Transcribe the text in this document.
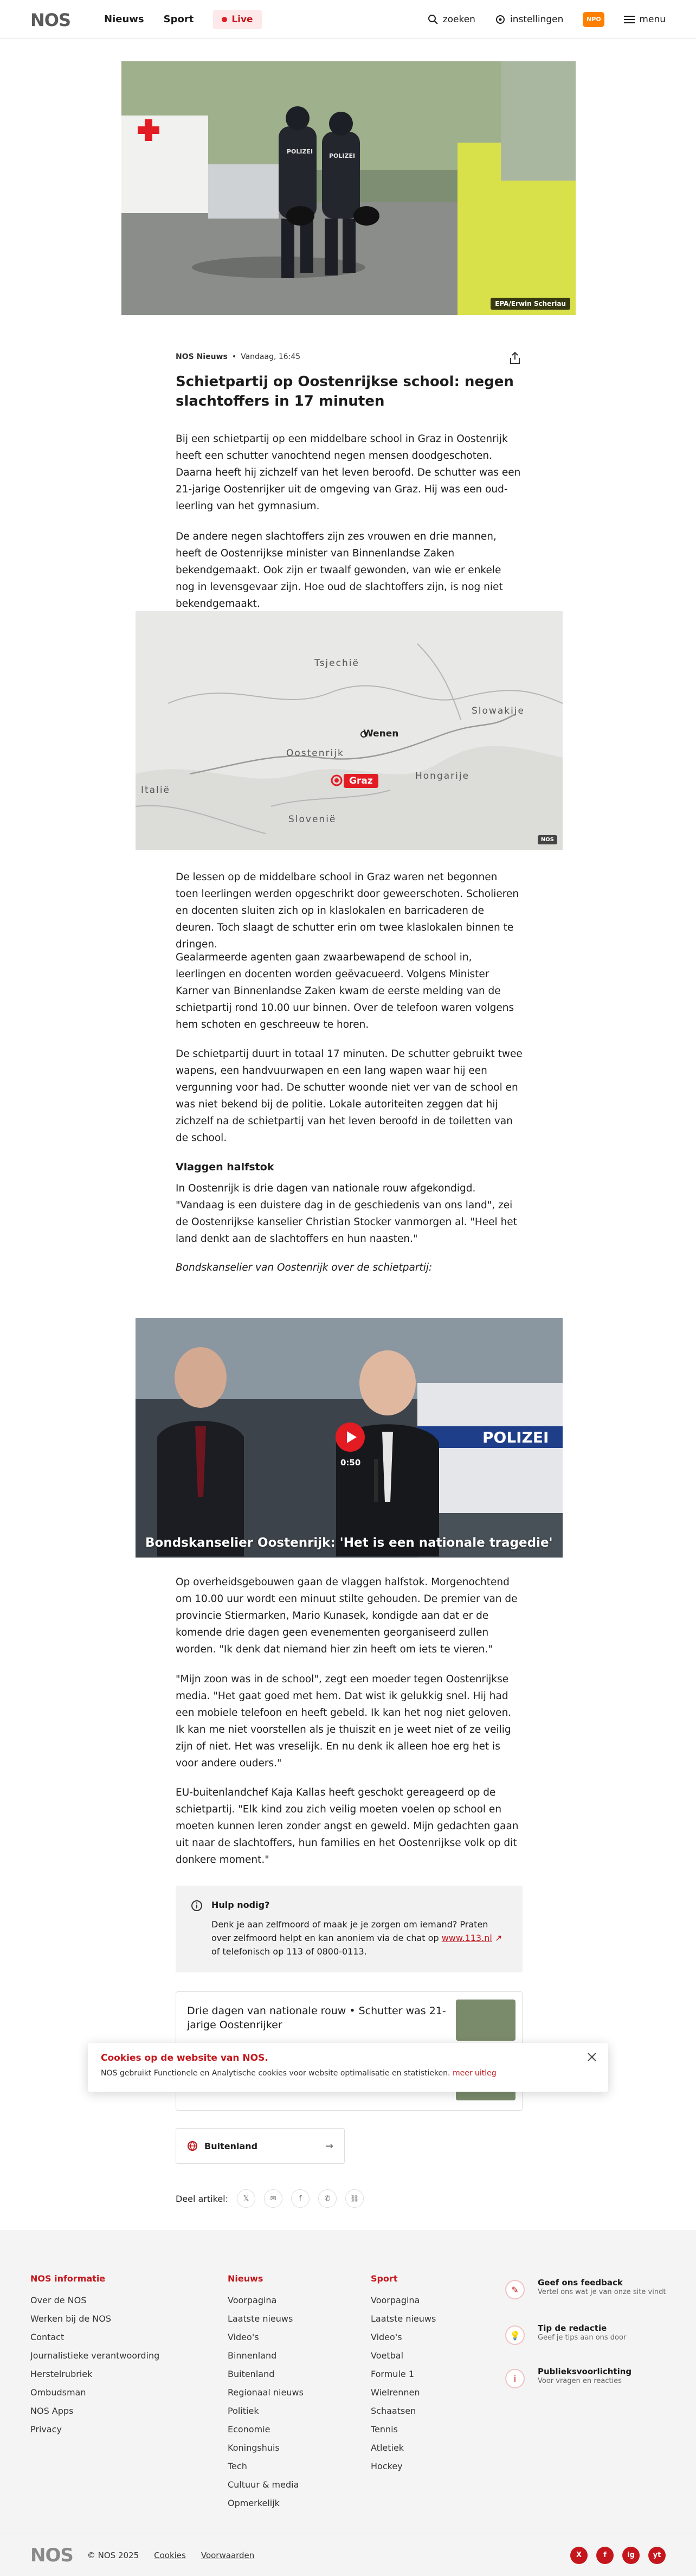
NOS	Nieuws Sport	Live	zoeken	instellingen	NPO	menu
POLIZEI
POLIZEI
EPA/Erwin Scheriau
NOS Nieuws • Vandaag, 16:45
Schietpartij op Oostenrijkse school: negen slachtoffers in 17 minuten

Bij een schietpartij op een middelbare school in Graz in Oostenrijk heeft een schutter vanochtend negen mensen doodgeschoten. Daarna heeft hij zichzelf van het leven beroofd. De schutter was een 21-jarige Oostenrijker uit de omgeving van Graz. Hij was een oud-leerling van het gymnasium.

De andere negen slachtoffers zijn zes vrouwen en drie mannen, heeft de Oostenrijkse minister van Binnenlandse Zaken bekendgemaakt. Ook zijn er twaalf gewonden, van wie er enkele nog in levensgevaar zijn. Hoe oud de slachtoffers zijn, is nog niet bekendgemaakt.

Tsjechië
Wenen
Slowakije
Oostenrijk
Hongarije
Graz
Slovenië
Italië
NOS

De lessen op de middelbare school in Graz waren net begonnen toen leerlingen werden opgeschrikt door geweerschoten. Scholieren en docenten sluiten zich op in klaslokalen en barricaderen de deuren. Toch slaagt de schutter erin om twee klaslokalen binnen te dringen.

Gealarmeerde agenten gaan zwaarbewapend de school in, leerlingen en docenten worden geëvacueerd. Volgens Minister Karner van Binnenlandse Zaken kwam de eerste melding van de schietpartij rond 10.00 uur binnen. Over de telefoon waren volgens hem schoten en geschreeuw te horen.

De schietpartij duurt in totaal 17 minuten. De schutter gebruikt twee wapens, een handvuurwapen en een lang wapen waar hij een vergunning voor had. De schutter woonde niet ver van de school en was niet bekend bij de politie. Lokale autoriteiten zeggen dat hij zichzelf na de schietpartij van het leven beroofd in de toiletten van de school.

Vlaggen halfstok

In Oostenrijk is drie dagen van nationale rouw afgekondigd. "Vandaag is een duistere dag in de geschiedenis van ons land", zei de Oostenrijkse kanselier Christian Stocker vanmorgen al. "Heel het land denkt aan de slachtoffers en hun naasten."

Bondskanselier van Oostenrijk over de schietpartij:

POLIZEI
0:50
Bondskanselier Oostenrijk: 'Het is een nationale tragedie'

Op overheidsgebouwen gaan de vlaggen halfstok. Morgenochtend om 10.00 uur wordt een minuut stilte gehouden. De premier van de provincie Stiermarken, Mario Kunasek, kondigde aan dat er de komende drie dagen geen evenementen georganiseerd zullen worden. "Ik denk dat niemand hier zin heeft om iets te vieren."

"Mijn zoon was in de school", zegt een moeder tegen Oostenrijkse media. "Het gaat goed met hem. Dat wist ik gelukkig snel. Hij had een mobiele telefoon en heeft gebeld. Ik kan het nog niet geloven. Ik kan me niet voorstellen als je thuiszit en je weet niet of ze veilig zijn of niet. Het was vreselijk. En nu denk ik alleen hoe erg het is voor andere ouders."

EU-buitenlandchef Kaja Kallas heeft geschokt gereageerd op de schietpartij. "Elk kind zou zich veilig moeten voelen op school en moeten kunnen leren zonder angst en geweld. Mijn gedachten gaan uit naar de slachtoffers, hun families en het Oostenrijkse volk op dit donkere moment."

Hulp nodig?

Denk je aan zelfmoord of maak je je zorgen om iemand? Praten over zelfmoord helpt en kan anoniem via de chat op www.113.nl ↗ of telefonisch op 113 of 0800-0113.

Drie dagen van nationale rouw • Schutter was 21-jarige Oostenrijker
Cookies op de website van NOS.

NOS gebruikt Functionele en Analytische cookies voor website optimalisatie en statistieken. meer uitleg

Buitenland	→
Deel artikel:	𝕏	✉	f	✆	⛓
NOS informatie
Over de NOS
Werken bij de NOS
Contact
Journalistieke verantwoording
Herstelrubriek
Ombudsman
NOS Apps
Privacy
Nieuws
Voorpagina
Laatste nieuws
Video's
Binnenland
Buitenland
Regionaal nieuws
Politiek
Economie
Koningshuis
Tech
Cultuur & media
Opmerkelijk
Sport
Voorpagina
Laatste nieuws
Video's
Voetbal
Formule 1
Wielrennen
Schaatsen
Tennis
Atletiek
Hockey
✎
Geef ons feedback
Vertel ons wat je van onze site vindt
💡
Tip de redactie
Geef je tips aan ons door
i
Publieksvoorlichting
Voor vragen en reacties
NOS © NOS 2025 Cookies Voorwaarden	X	f	ig	yt
